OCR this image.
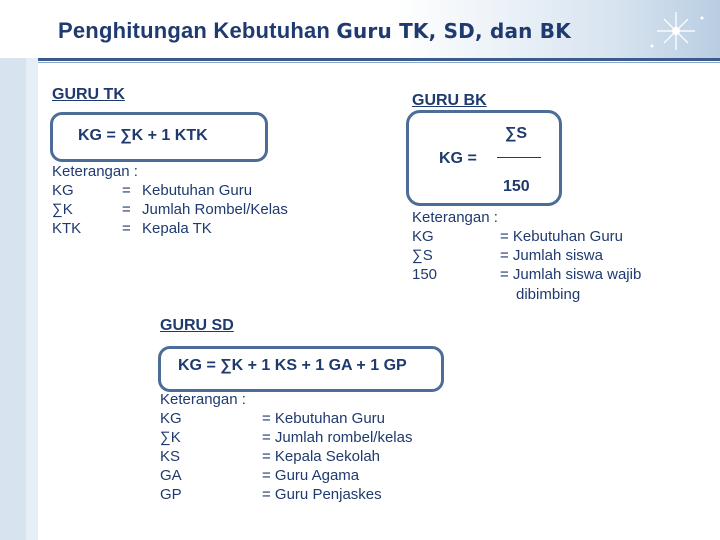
Penghitungan Kebutuhan Guru TK, SD, dan BK
GURU TK
KG = ∑K + 1 KTK
Keterangan :
KG	= Kebutuhan Guru
∑K	= Jumlah Rombel/Kelas
KTK	= Kepala TK
GURU BK
KG =
∑S
150
Keterangan :
KG	= Kebutuhan Guru
∑S	= Jumlah siswa
150	= Jumlah siswa wajib
dibimbing
GURU SD
KG = ∑K + 1 KS + 1 GA + 1 GP
Keterangan :
KG	= Kebutuhan Guru
∑K	= Jumlah rombel/kelas
KS	= Kepala Sekolah
GA	= Guru Agama
GP	= Guru Penjaskes
